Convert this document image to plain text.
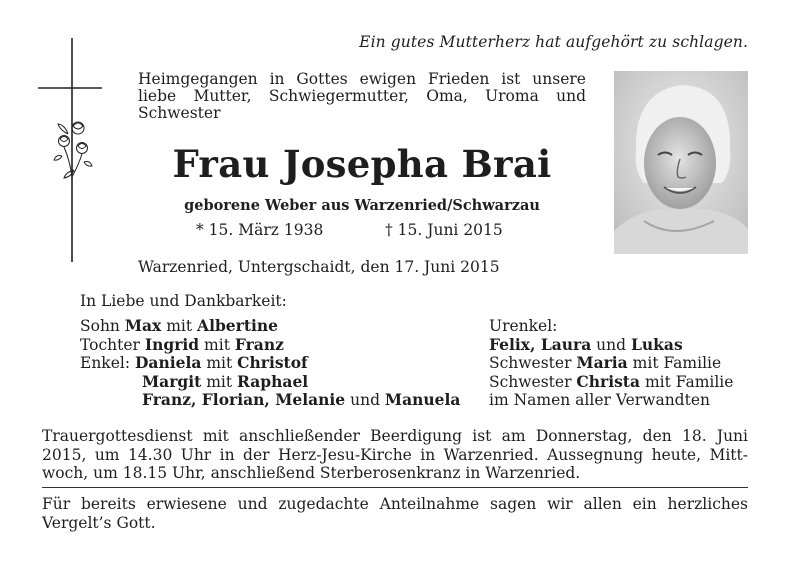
Ein gutes Mutterherz hat aufgehört zu schlagen.
Heimgegangen in Gottes ewigen Frieden ist unsere
liebe Mutter, Schwiegermutter, Oma, Uroma und
Schwester
Frau Josepha Brai
geborene Weber aus Warzenried/Schwarzau
* 15. März 1938	† 15. Juni 2015
Warzenried, Untergschaidt, den 17. Juni 2015
In Liebe und Dankbarkeit:
Sohn Max mit Albertine
Tochter Ingrid mit Franz
Enkel: Daniela mit Christof
Margit mit Raphael
Franz, Florian, Melanie und Manuela
Urenkel:
Felix, Laura und Lukas
Schwester Maria mit Familie
Schwester Christa mit Familie
im Namen aller Verwandten
Trauergottesdienst mit anschließender Beerdigung ist am Donnerstag, den 18. Juni
2015, um 14.30 Uhr in der Herz-Jesu-Kirche in Warzenried. Aussegnung heute, Mitt-
woch, um 18.15 Uhr, anschließend Sterberosenkranz in Warzenried.
Für bereits erwiesene und zugedachte Anteilnahme sagen wir allen ein herzliches
Vergelt’s Gott.
